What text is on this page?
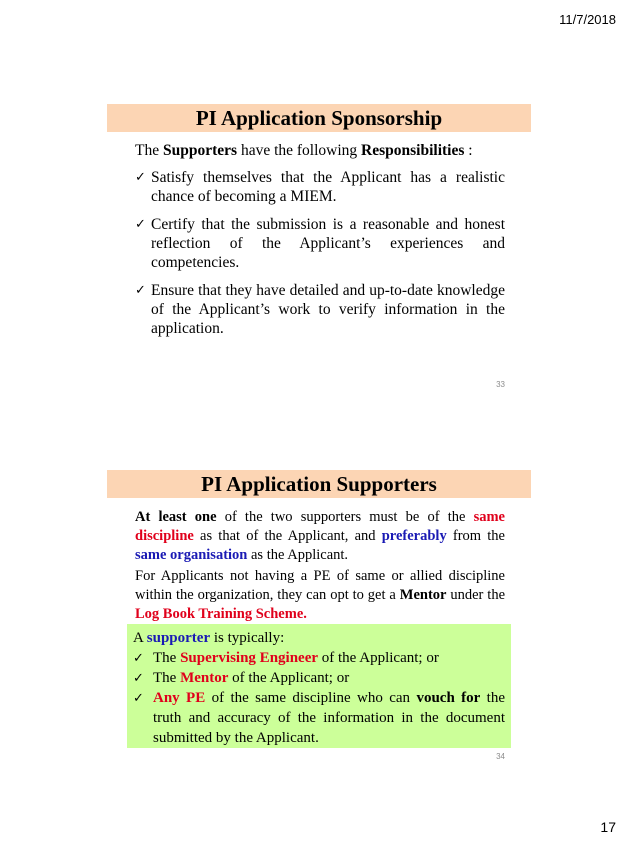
11/7/2018
PI Application Sponsorship

The Supporters have the following Responsibilities :

✓ Satisfy themselves that the Applicant has a realistic chance of becoming a MIEM.
✓ Certify that the submission is a reasonable and honest reflection of the Applicant’s experiences and competencies.
✓ Ensure that they have detailed and up-to-date knowledge of the Applicant’s work to verify information in the application.
33
PI Application Supporters

At least one of the two supporters must be of the same discipline as that of the Applicant, and preferably from the same organisation as the Applicant.

For Applicants not having a PE of same or allied discipline within the organization, they can opt to get a Mentor under the Log Book Training Scheme.

A supporter is typically:
✓ The Supervising Engineer of the Applicant; or
✓ The Mentor of the Applicant; or
✓ Any PE of the same discipline who can vouch for the truth and accuracy of the information in the document submitted by the Applicant.
34
17
